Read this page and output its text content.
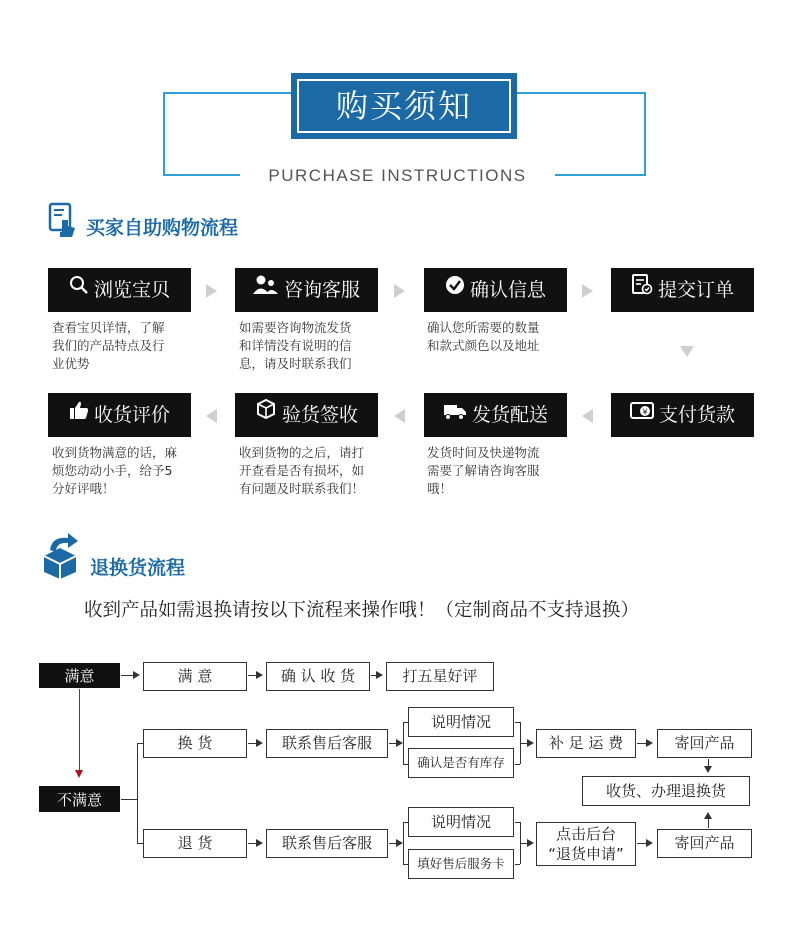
PURCHASE INSTRUCTIONS
购买须知
买家自助购物流程
浏览宝贝	咨询客服	确认信息	提交订单
查看宝贝详情，了解
我们的产品特点及行
业优势
如需要咨询物流发货
和详情没有说明的信
息，请及时联系我们
确认您所需要的数量
和款式颜色以及地址
收货评价	验货签收	发货配送	¥ 支付货款
收到货物满意的话，麻
烦您动动小手，给予5
分好评哦！
收到货物的之后，请打
开查看是否有损坏，如
有问题及时联系我们！
发货时间及快递物流
需要了解请咨询客服
哦！
退换货流程
收到产品如需退换请按以下流程来操作哦！（定制商品不支持退换）
满意	满 意	确 认 收 货	打五星好评
不满意
换 货	联系售后客服
说明情况
确认是否有库存
补 足 运 费	寄回产品
收货、办理退换货
退 货	联系售后客服
说明情况
填好售后服务卡
点击后台
“退货申请”
寄回产品
